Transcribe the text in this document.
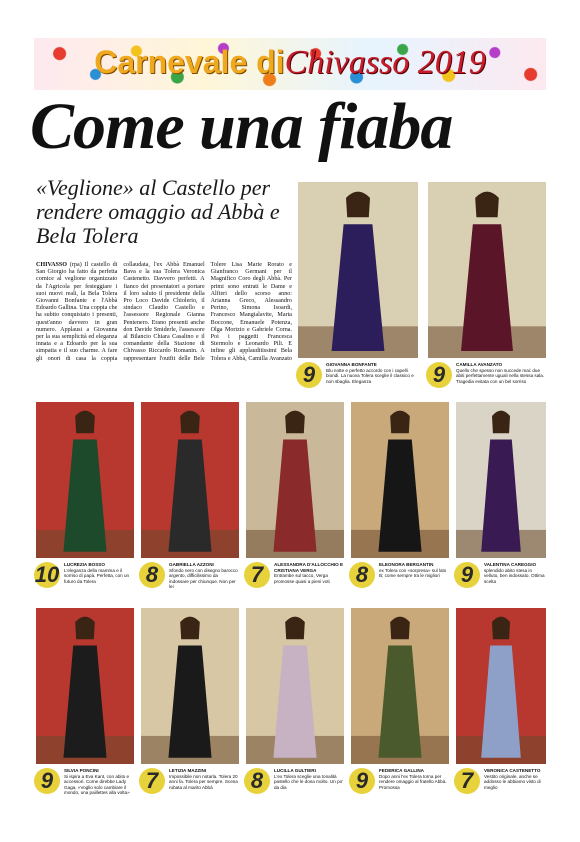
Carnevale diChivasso 2019
Come una fiaba
«Veglione» al Castello per rendere omaggio ad Abbà e Bela Tolera
CHIVASSO (rpa) Il castello di San Giorgio ha fatto da perfetta cornice al veglione organizzato da l'Agricola per festeggiare i suoi nuovi reali, la Bela Tolera Giovanni Bonfante e l'Abbà Edoardo Gallina. Una coppia che ha subito conquistato i presenti, quest'anno davvero in gran numero. Applausi a Giovanna per la sua semplicità ed eleganza innata e a Edoardo per la sua simpatia e il suo charme. A fare gli onori di casa la coppia collaudata, l'ex Abbà Emanuel Bava e la sua Tolera Veronica Castenetto. Davvero perfetti. A fianco dei presentatori a portare il loro saluto il presidente della Pro Loco Davide Chiolerio, il sindaco Claudio Castello e l'assessore Regionale Gianna Pentenero. Erano presenti anche don Davide Smiderle, l'assessore al Bilancio Chiara Casalino e il comandante della Stazione di Chivasso Riccardo Romanin. A rappresentare l'outfit delle Bele Tolere Lisa Marie Rorato e Gianfranco Germani per il Magnifico Coro degli Abbà. Per primi sono entrati le Dame e Alfieri dello scorso anno: Arianna Greco, Alessandro Perino, Simona Isoardi, Francesco Mangialavite, Marta Boccone, Emanuele Potenza, Olga Morizio e Gabriele Corna. Poi i paggetti Francesca Stermolo e Leonardo Pili. E infine gli applauditissimi Bela Tolera e Abbà, Camilla Avanzato
9	GIOVANNA BONFANTE
Blu notte e perfetto accordo con i capelli biondi. La nuova Tolera sceglie il classico e non sbaglia. Eleganza	9	CAMILLA AVANZATO
Quello che spesso non succede mai: due abiti perfettamente uguali nella stessa sala. Tragedia evitata con un bel sorriso
10 LUCREZIA BOSSO
L'eleganza della mamma e il sorriso di papà. Perfetta, con un futuro da Tolera	8	GABRIELLA AZZONI
Sfondo nero con disegno barocco argento, difficilissimo da indossare per chiunque. Non per lei	7	ALESSANDRA D'ALLOCCHIO E CRISTIANA VERGA
Entrambe sul tacco, Verga promosse quasi a pieni voti	8	ELEONORA BERGANTIN
ex Tolera con «sorpresa» sul lato B; come sempre tra le migliori 9	VALENTINA CAREGGIO
splendido abito stesa in velluto, ben indossato. Ottima scelta
9	SILVIA PONCINI
Si ispira a Eva Kant, con abito e accessori. Come direbbe Lady Gaga, «Voglio solo cambiare il mondo, una paillettes alla volta» 7	LETIZIA MAZZINI
Impossibile non notarla. Tolera 20 anni fa. Tolera per sempre. Scena rubata al marito Abbà	8	LUCILLA GULTIERI
L'ex Tolera sceglie una tonalità pastello che le dona molto. Un po' da dia	9	FEDERICA GALLINA
Dopo anni l'ex Tolera torna per rendere omaggio al fratello Abbà. Promossa	7	VERONICA CASTENETTO
Vestito originale, anche se addosso le abbiamo visto di meglio
